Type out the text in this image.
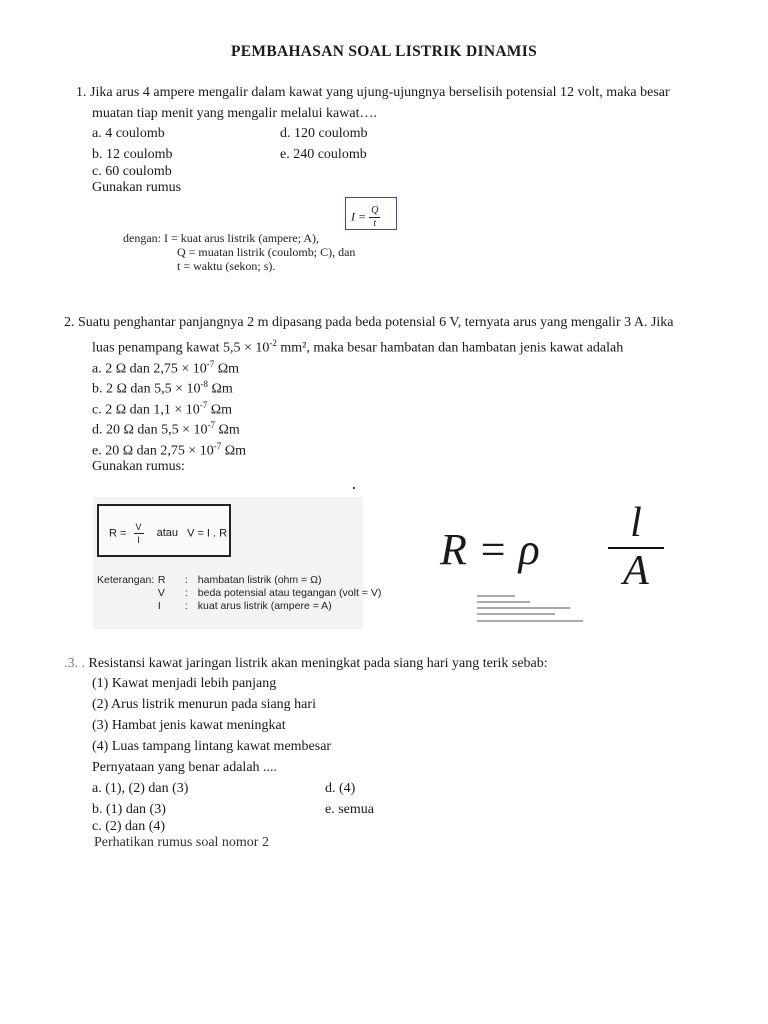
PEMBAHASAN SOAL LISTRIK DINAMIS
1. Jika arus 4 ampere mengalir dalam kawat yang ujung-ujungnya berselisih potensial 12 volt, maka besar
muatan tiap menit yang mengalir melalui kawat….
a. 4 coulomb	d. 120 coulomb
b. 12 coulomb	e. 240 coulomb
c. 60 coulomb
Gunakan rumus
$I = \frac{Q}{t}$
dengan: I = kuat arus listrik (ampere; A),
Q = muatan listrik (coulomb; C), dan
t = waktu (sekon; s).
2. Suatu penghantar panjangnya 2 m dipasang pada beda potensial 6 V, ternyata arus yang mengalir 3 A. Jika
luas penampang kawat $5,5 \times 10^{-2}$ mm², maka besar hambatan dan hambatan jenis kawat adalah
a. 2 Ω dan $2,75 \times 10^{-7}$ Ωm
b. 2 Ω dan $5,5 \times 10^{-8}$ Ωm
c. 2 Ω dan $1,1 \times 10^{-7}$ Ωm
d. 20 Ω dan $5,5 \times 10^{-7}$ Ωm
e. 20 Ω dan $2,75 \times 10^{-7}$ Ωm
Gunakan rumus:
$R = \frac{V}{I}$ atau V = I . R
Keterangan: R : hambatan listrik (ohm = Ω)
V : beda potensial atau tegangan (volt = V)
I : kuat arus listrik (ampere = A)
R = ρ
l
A
.3. . Resistansi kawat jaringan listrik akan meningkat pada siang hari yang terik sebab:
(1) Kawat menjadi lebih panjang
(2) Arus listrik menurun pada siang hari
(3) Hambat jenis kawat meningkat
(4) Luas tampang lintang kawat membesar
Pernyataan yang benar adalah ....
a. (1), (2) dan (3)	d. (4)
b. (1) dan (3)	e. semua
c. (2) dan (4)
Perhatikan rumus soal nomor 2
